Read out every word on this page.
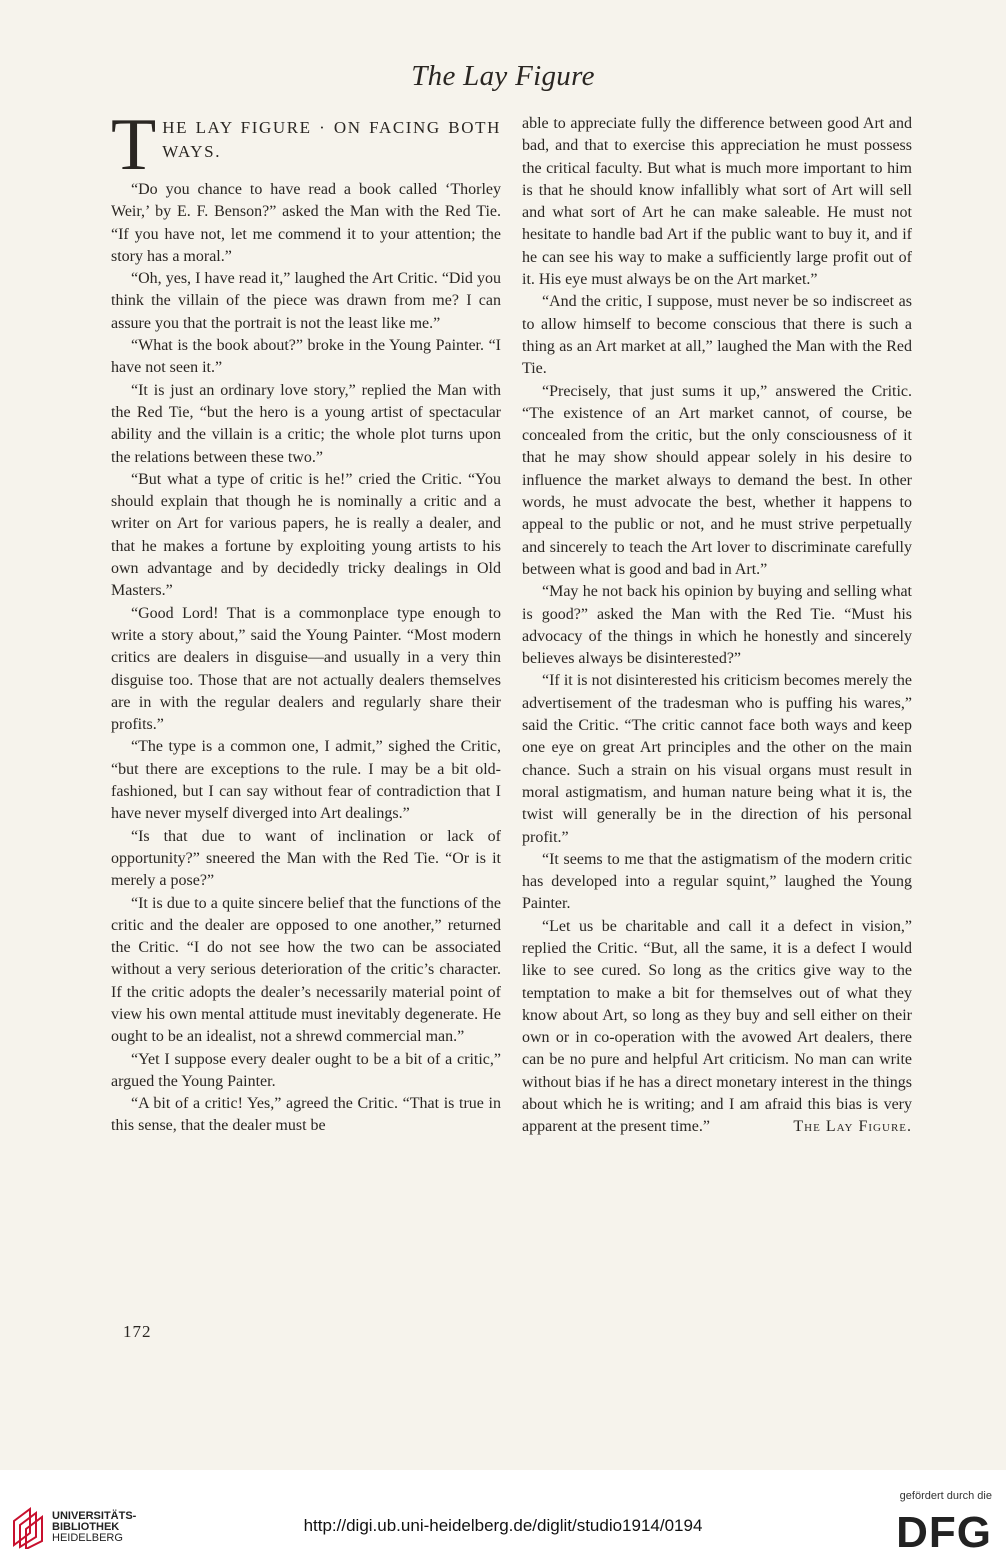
The Lay Figure
T HE LAY FIGURE · ON FACING BOTH WAYS.

“Do you chance to have read a book called ‘Thorley Weir,’ by E. F. Benson?” asked the Man with the Red Tie. “If you have not, let me commend it to your attention; the story has a moral.”

“Oh, yes, I have read it,” laughed the Art Critic. “Did you think the villain of the piece was drawn from me? I can assure you that the portrait is not the least like me.”

“What is the book about?” broke in the Young Painter. “I have not seen it.”

“It is just an ordinary love story,” replied the Man with the Red Tie, “but the hero is a young artist of spectacular ability and the villain is a critic; the whole plot turns upon the relations between these two.”

“But what a type of critic is he!” cried the Critic. “You should explain that though he is nominally a critic and a writer on Art for various papers, he is really a dealer, and that he makes a fortune by exploiting young artists to his own advantage and by decidedly tricky dealings in Old Masters.”

“Good Lord! That is a commonplace type enough to write a story about,” said the Young Painter. “Most modern critics are dealers in disguise—and usually in a very thin disguise too. Those that are not actually dealers themselves are in with the regular dealers and regularly share their profits.”

“The type is a common one, I admit,” sighed the Critic, “but there are exceptions to the rule. I may be a bit old-fashioned, but I can say without fear of contradiction that I have never myself diverged into Art dealings.”

“Is that due to want of inclination or lack of opportunity?” sneered the Man with the Red Tie. “Or is it merely a pose?”

“It is due to a quite sincere belief that the functions of the critic and the dealer are opposed to one another,” returned the Critic. “I do not see how the two can be associated without a very serious deterioration of the critic’s character. If the critic adopts the dealer’s necessarily material point of view his own mental attitude must inevitably degenerate. He ought to be an idealist, not a shrewd commercial man.”

“Yet I suppose every dealer ought to be a bit of a critic,” argued the Young Painter.

“A bit of a critic! Yes,” agreed the Critic. “That is true in this sense, that the dealer must be

able to appreciate fully the difference between good Art and bad, and that to exercise this appreciation he must possess the critical faculty. But what is much more important to him is that he should know infallibly what sort of Art will sell and what sort of Art he can make saleable. He must not hesitate to handle bad Art if the public want to buy it, and if he can see his way to make a sufficiently large profit out of it. His eye must always be on the Art market.”

“And the critic, I suppose, must never be so indiscreet as to allow himself to become conscious that there is such a thing as an Art market at all,” laughed the Man with the Red Tie.

“Precisely, that just sums it up,” answered the Critic. “The existence of an Art market cannot, of course, be concealed from the critic, but the only consciousness of it that he may show should appear solely in his desire to influence the market always to demand the best. In other words, he must advocate the best, whether it happens to appeal to the public or not, and he must strive perpetually and sincerely to teach the Art lover to discriminate carefully between what is good and bad in Art.”

“May he not back his opinion by buying and selling what is good?” asked the Man with the Red Tie. “Must his advocacy of the things in which he honestly and sincerely believes always be disinterested?”

“If it is not disinterested his criticism becomes merely the advertisement of the tradesman who is puffing his wares,” said the Critic. “The critic cannot face both ways and keep one eye on great Art principles and the other on the main chance. Such a strain on his visual organs must result in moral astigmatism, and human nature being what it is, the twist will generally be in the direction of his personal profit.”

“It seems to me that the astigmatism of the modern critic has developed into a regular squint,” laughed the Young Painter.

“Let us be charitable and call it a defect in vision,” replied the Critic. “But, all the same, it is a defect I would like to see cured. So long as the critics give way to the temptation to make a bit for themselves out of what they know about Art, so long as they buy and sell either on their own or in co-operation with the avowed Art dealers, there can be no pure and helpful Art criticism. No man can write without bias if he has a direct monetary interest in the things about which he is writing; and I am afraid this bias is very apparent at the present time.”	The Lay Figure.

172
UNIVERSITÄTS-
BIBLIOTHEK
HEIDELBERG
http://digi.ub.uni-heidelberg.de/diglit/studio1914/0194
gefördert durch die
DFG
